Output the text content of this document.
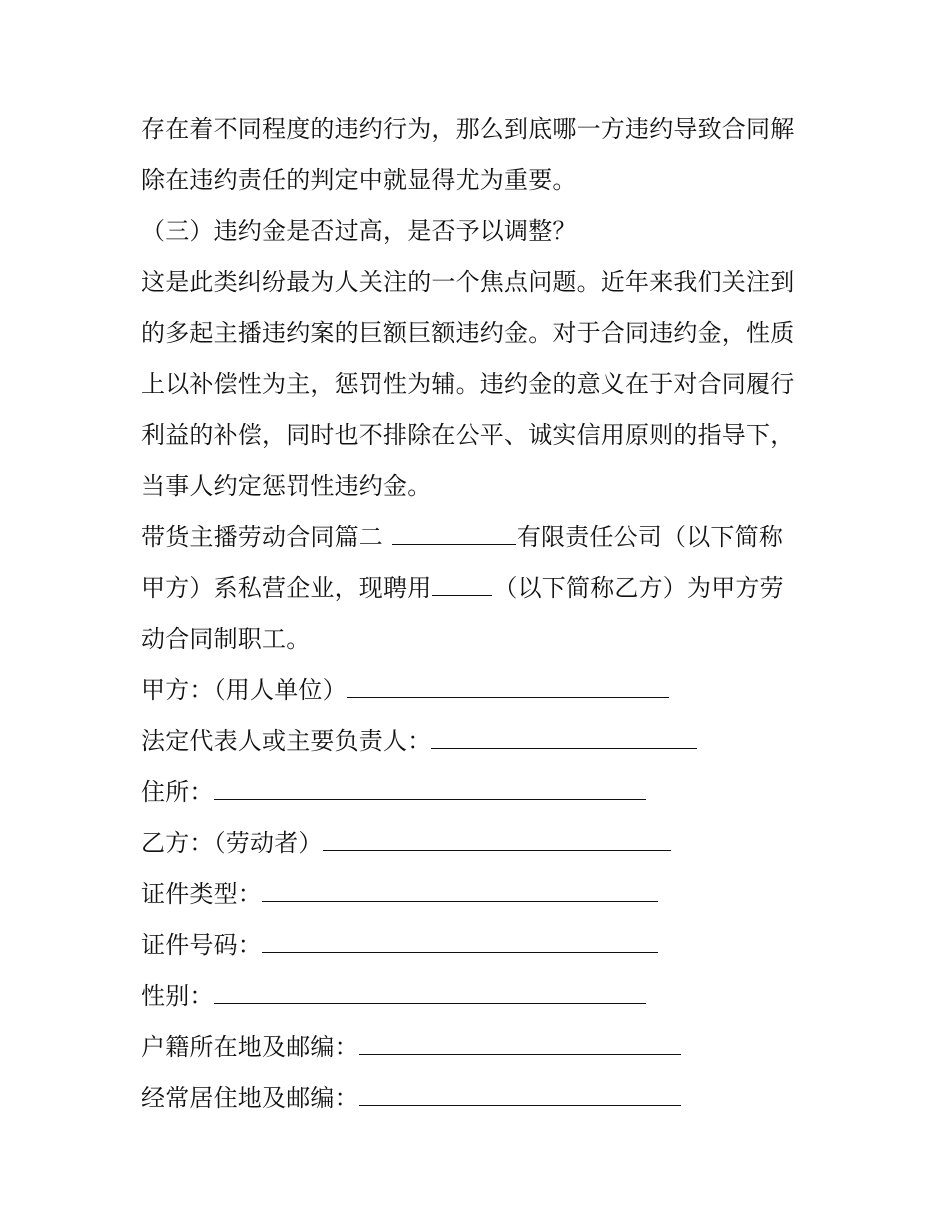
存在着不同程度的违约行为，那么到底哪一方违约导致合同解
除在违约责任的判定中就显得尤为重要。
（三）违约金是否过高，是否予以调整？
这是此类纠纷最为人关注的一个焦点问题。近年来我们关注到
的多起主播违约案的巨额巨额违约金。对于合同违约金，性质
上以补偿性为主，惩罚性为辅。违约金的意义在于对合同履行
利益的补偿，同时也不排除在公平、诚实信用原则的指导下，
当事人约定惩罚性违约金。
带货主播劳动合同篇二	有限责任公司（以下简称
甲方）系私营企业，现聘用	（以下简称乙方）为甲方劳
动合同制职工。
甲方：（用人单位）
法定代表人或主要负责人：
住所：
乙方：（劳动者）
证件类型：
证件号码：
性别：
户籍所在地及邮编：
经常居住地及邮编：
